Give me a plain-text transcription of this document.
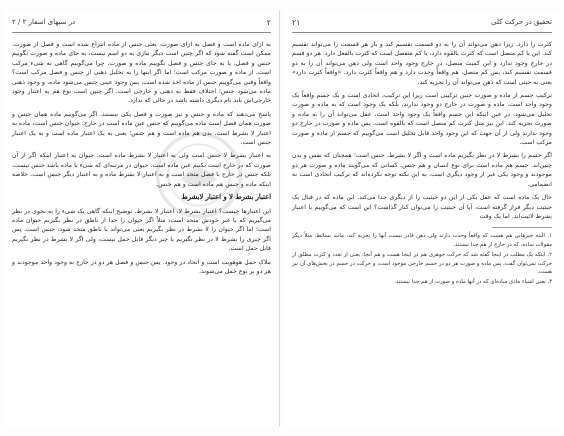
۲
در سیهای اسفار ۲ / ۲

به ازای ماده است و فصل به ازای صورت، یعنی جنس از ماده انتزاع شده است و فصل از صورت. ممکن است گفته شود که اگر چنین است دیگر نیازی به دو اسم نیست، به جای ماده و صورت بگوییم جنس و فصل، یا به جای جنس و فصل بگوییم ماده و صورت. چرا می‌گوییم گاهی به شیء مرکب است. از ماده و صورت مرکب است؛ اما اگر اینها را به تحلیل ذهنی از جنس و فصل مرکب است؟ واقعاً وقتی می‌گوییم جنس از ماده اخذ شده است، پس وجود عینی جنس می‌شود ماده، و وجود ذهنی ماده می‌شود جنس؛ اختلاف فقط به ذهنی و خارجی است. اگر چنین است نوع هم به اعتبار وجود خارجی‌اش باید نام دیگری داشته باشد در حالی که ندارد.

پاسخ می‌دهند که ماده و جنس و نیز صورت و فصل یکی نیستند. اگر می‌گوییم ماده همان جنس و صورت همان فصل است ماده می‌گوییم که جنس عین ماده است در خارج؛ حیوان جنس است، ماده به اعتبار لا بشرط است. بدن هم ماده است و هم جنس؛ یعنی به یک اعتبار ماده است و به یک اعتبار جنس است.

به اعتبار بشرط لا جنس است ولی به اعتبار لا بشرط ماده است. حیوان به اعتبار اینکه اگر از آن صورت که در خارج است بکنیم عین ماده است. حیوان در مرتبه‌ای که شیء یا ماده باشد جنس نیست، بلکه جنس در خارج با فصل متحد است و به اعتبار لا بشرط ماده و به اعتبار دیگر جنس است. خلاصه اینکه ماده و جنس هم ماده است و هم جنس.

اعتبار بشرط لا و اعتبار لابشرط

این اعتبارها چیست؟ اعتبار بشرط لا، اعتبار لا بشرط. توضیح اینکه گاهی یک شیء را به نحوی در نظر می‌گیریم که با غیر خودش متحد است، مثلاً اگر حیوان را جدا از ناطق در نظر بگیریم حیوان ماده است؛ اما اگر حیوان را لا بشرط در نظر بگیریم یعنی می‌تواند با ناطق متحد شود، جنس است. پس اگر چیزی را بشرط لا در نظر بگیریم با چیز دیگر قابل حمل نیست، ولی اگر لا بشرط در نظر بگیریم قابل حمل است.

ملاک حمل هوهویت است و اتحاد در وجود. پس جنس و فصل هر دو در خارج به وجود واحد موجودند و هر دو بر نوع حمل می‌شوند.

تحقیق در حرکت کلی
۲۱

کثرت را دارد. زیرا ذهن می‌تواند آن را به دو قسمت تقسیم کند و باز هر قسمت را می‌تواند تقسیم کند. این یا کم متصل است که کثرت بالقوه دارد، یا کم منفصل است که کثرت بالفعل دارد. هر دو قسم در خارج وجود ندارد و این کمیت متصل، در خارج وجود واحد است ولی ذهن می‌تواند آن را به دو قسمت تقسیم کند، پس کم متصل، هم واقعاً وحدت دارد و هم واقعاً کثرت دارد. «واقعاً کثرت دارد» یعنی به حیثی است که ذهن می‌تواند آن را تجزیه کند.

ترکیب جسم از ماده و صورت چنین ترکیبی است زیرا این ترکیب، اتحادی است و یک جسم واقعاً یک وجود واحد است. ماده و صورت در خارج دو وجود ندارند، بلکه یک وجود است که به ماده و صورت تحلیل می‌شود. در عین اینکه این جسم واقعاً یک وجود واحد است، عقل می‌تواند آن را به ماده و صورت تجزیه کند. این نیز مثل کثرت کم متصل است که بالقوه است. پس ماده و صورت در خارج دو وجود ندارند ولی از آن جهت که این وجود واحد قابل تحلیل است می‌گوییم که جسم از ماده و صورت مرکب است.

اگر جسم را بشرط لا در نظر بگیریم ماده است و اگر لا بشرط، جنس است؛ همچنان که نفس و بدن چنین‌اند. جسم هم ماده است برای نوع انسان و هم جنس. کسانی که می‌گویند ماده و صورت هر دو موجودند و وجود یکی غیر از وجود دیگری است، به این نکته توجه نکرده‌اند که ترکیب اتحادی است نه انضمامی.

حال یک ماده است که عقل یکی از این دو حیثیت را از دیگری جدا می‌کند. این ماده که در قبال یک حیثیت دیگر قرار گرفته است، آیا آن حیثیت را می‌توان کنار گذاشت؟ این است که می‌گوییم با اعتبار بشرط لائیت‌اند. اما یک وقت

۱. البته چیزهایی هم هست که واقعاً وحدت دارند ولی ذهن قادر نیست آنها را تجزیه کند، مانند بسائط. مثلاً دیگر مقولات ساده، که در خارج از هم جدا نیستند.

۲. اینکه یک مطلب در اینجا گفته شد که حرکت جوهری هم در اینجا هست و هم آنجا: یعنی از تعدد و کثرت مطلق از حرکت نمی‌توان گفت، پس ماده و صورت هر دو در جسم خارجی موجود است، و حرکت در جسم در بخش‌های آن نیز هست.

۳. یعنی اشیاء مادی ساده‌ای که در آنها ماده و صورت از هم جدا نیستند.
